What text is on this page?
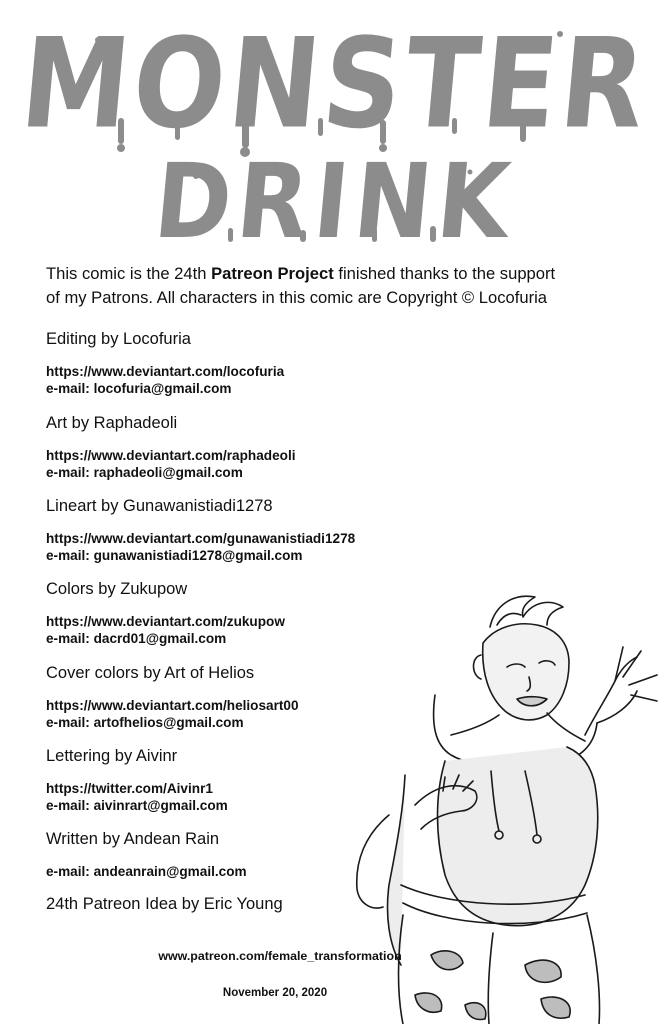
MONSTER
DRINK
This comic is the 24th Patreon Project finished thanks to the support
of my Patrons. All characters in this comic are Copyright © Locofuria
Editing by Locofuria
https://www.deviantart.com/locofuria
e-mail: locofuria@gmail.com
Art by Raphadeoli
https://www.deviantart.com/raphadeoli
e-mail: raphadeoli@gmail.com
Lineart by Gunawanistiadi1278
https://www.deviantart.com/gunawanistiadi1278
e-mail: gunawanistiadi1278@gmail.com
Colors by Zukupow
https://www.deviantart.com/zukupow
e-mail: dacrd01@gmail.com
Cover colors by Art of Helios
https://www.deviantart.com/heliosart00
e-mail: artofhelios@gmail.com
Lettering by Aivinr
https://twitter.com/Aivinr1
e-mail: aivinrart@gmail.com
Written by Andean Rain
e-mail: andeanrain@gmail.com
24th Patreon Idea by Eric Young
www.patreon.com/female_transformation
November 20, 2020
